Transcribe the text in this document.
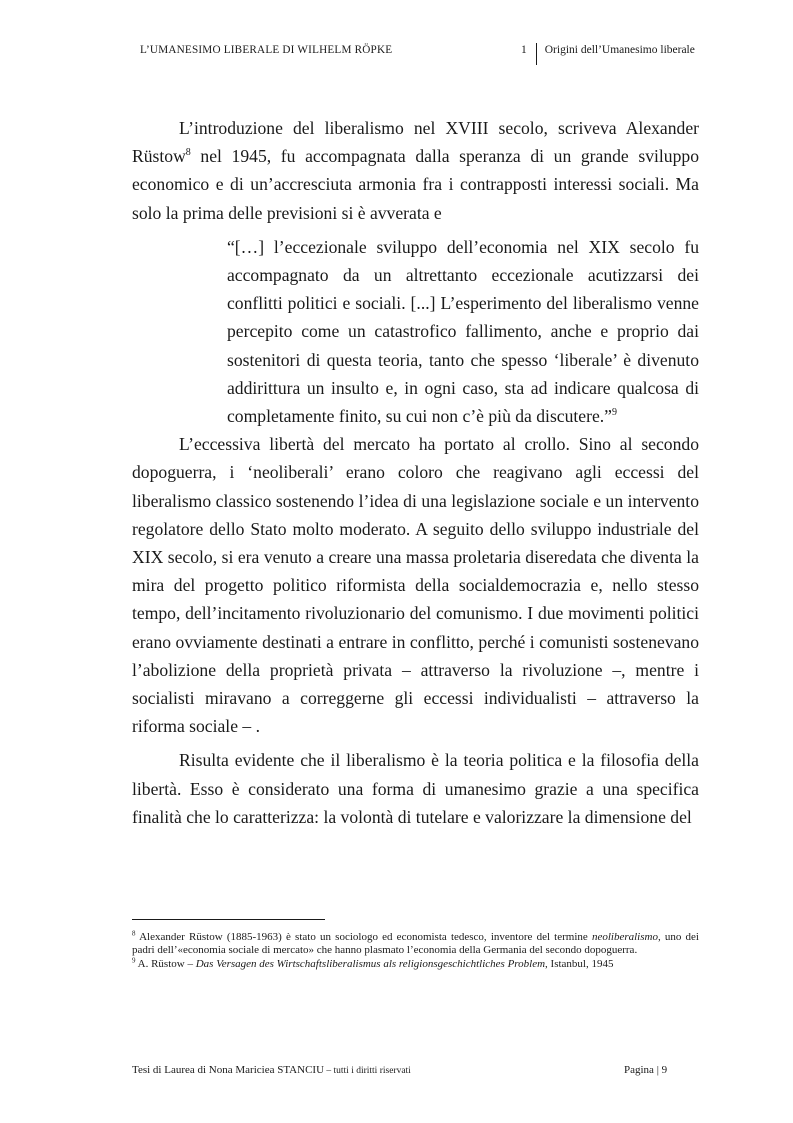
L’UMANESIMO LIBERALE DI WILHELM RÖPKE	1 Origini dell’Umanesimo liberale

L’introduzione del liberalismo nel XVIII secolo, scriveva Alexander Rüstow$^8$ nel 1945, fu accompagnata dalla speranza di un grande sviluppo economico e di un’accresciuta armonia fra i contrapposti interessi sociali. Ma solo la prima delle previsioni si è avverata e

“[…] l’eccezionale sviluppo dell’economia nel XIX secolo fu accompagnato da un altrettanto eccezionale acutizzarsi dei conflitti politici e sociali. [...] L’esperimento del liberalismo venne percepito come un catastrofico fallimento, anche e proprio dai sostenitori di questa teoria, tanto che spesso ‘liberale’ è divenuto addirittura un insulto e, in ogni caso, sta ad indicare qualcosa di completamente finito, su cui non c’è più da discutere.”$^9$

L’eccessiva libertà del mercato ha portato al crollo. Sino al secondo dopoguerra, i ‘neoliberali’ erano coloro che reagivano agli eccessi del liberalismo classico sostenendo l’idea di una legislazione sociale e un intervento regolatore dello Stato molto moderato. A seguito dello sviluppo industriale del XIX secolo, si era venuto a creare una massa proletaria diseredata che diventa la mira del progetto politico riformista della socialdemocrazia e, nello stesso tempo, dell’incitamento rivoluzionario del comunismo. I due movimenti politici erano ovviamente destinati a entrare in conflitto, perché i comunisti sostenevano l’abolizione della proprietà privata – attraverso la rivoluzione –, mentre i socialisti miravano a correggerne gli eccessi individualisti – attraverso la riforma sociale – .

Risulta evidente che il liberalismo è la teoria politica e la filosofia della libertà. Esso è considerato una forma di umanesimo grazie a una specifica finalità che lo caratterizza: la volontà di tutelare e valorizzare la dimensione del

$^8$ Alexander Rüstow (1885-1963) è stato un sociologo ed economista tedesco, inventore del termine neoliberalismo, uno dei padri dell’«economia sociale di mercato» che hanno plasmato l’economia della Germania del secondo dopoguerra.

$^9$ A. Rüstow – Das Versagen des Wirtschaftsliberalismus als religionsgeschichtliches Problem, Istanbul, 1945

Tesi di Laurea di Nona Mariciea STANCIU – tutti i diritti riservati	Pagina | 9
